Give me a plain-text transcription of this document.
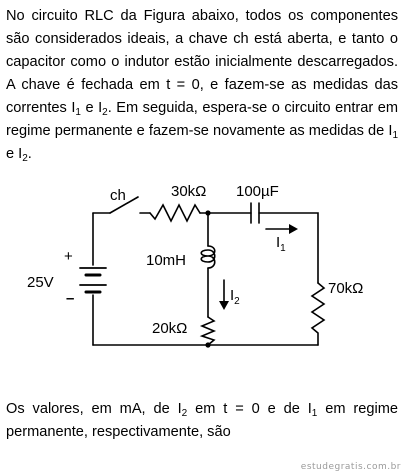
No circuito RLC da Figura abaixo, todos os componentes são considerados ideais, a chave ch está aberta, e tanto o capacitor como o indutor estão inicialmente descarregados. A chave é fechada em t = 0, e fazem-se as medidas das correntes $I_1$ e $I_2$. Em seguida, espera-se o circuito entrar em regime permanente e fazem-se novamente as medidas de $I_1$ e $I_2$.
ch	30kΩ 100µF
$I_1$
10mH
$I_2$
+
25V
–
20kΩ
70kΩ
Os valores, em mA, de $I_2$ em t = 0 e de $I_1$ em regime permanente, respectivamente, são
estudegratis.com.br
